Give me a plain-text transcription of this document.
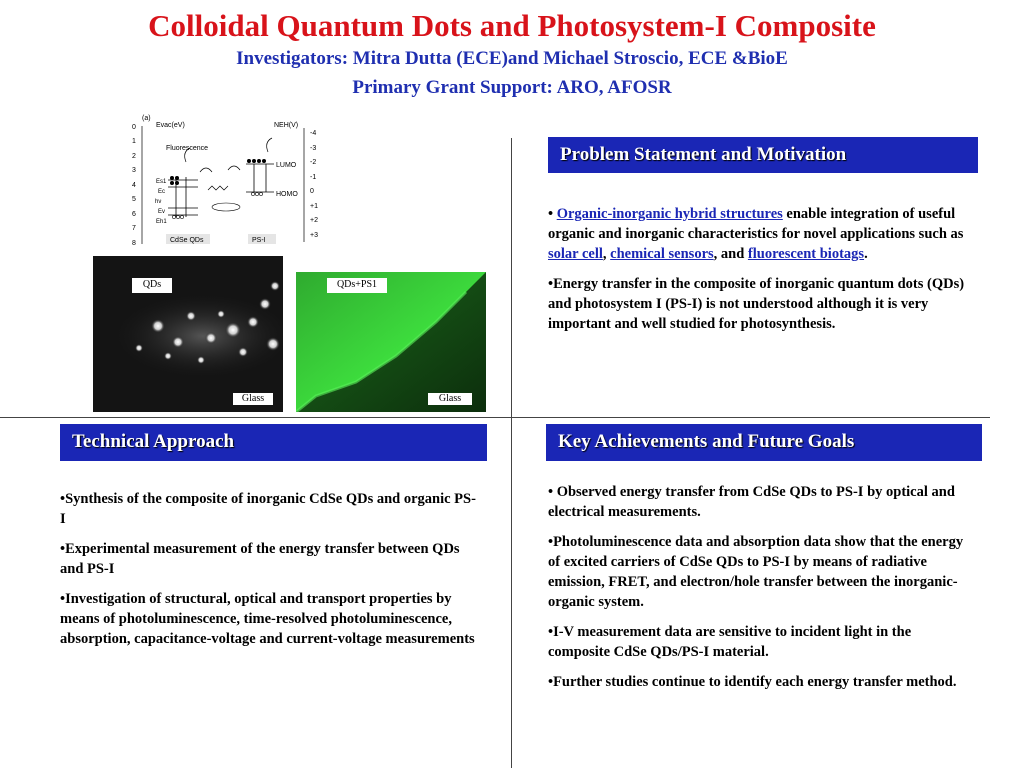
Colloidal Quantum Dots and Photosystem-I Composite
Investigators: Mitra Dutta (ECE)and Michael Stroscio, ECE &BioE
Primary Grant Support: ARO, AFOSR
(a)
Evac(eV)	NEH(V)
0
1
2
3
4
5
6
7
8
-4
-3
-2
-1
0
+1
+2
+3
Fluorescence
LUMO
HOMO
Es1
Ec
hν
Ev
Eh1
CdSe QDs	PS-I
QDs
Glass
QDs+PS1
Glass
Problem Statement and Motivation

• Organic-inorganic hybrid structures enable integration of useful organic and inorganic characteristics for novel applications such as solar cell, chemical sensors, and fluorescent biotags.

•Energy transfer in the composite of inorganic quantum dots (QDs) and photosystem I (PS-I) is not understood although it is very important and well studied for photosynthesis.

Technical Approach

•Synthesis of the composite of inorganic CdSe QDs and organic PS-I

•Experimental measurement of the energy transfer between QDs and PS-I

•Investigation of structural, optical and transport properties by means of photoluminescence, time-resolved photoluminescence, absorption, capacitance-voltage and current-voltage measurements

Key Achievements and Future Goals

• Observed energy transfer from CdSe QDs to PS-I by optical and electrical measurements.

•Photoluminescence data and absorption data show that the energy of excited carriers of CdSe QDs to PS-I by means of radiative emission, FRET, and electron/hole transfer between the inorganic-organic system.

•I-V measurement data are sensitive to incident light in the composite CdSe QDs/PS-I material.

•Further studies continue to identify each energy transfer method.
